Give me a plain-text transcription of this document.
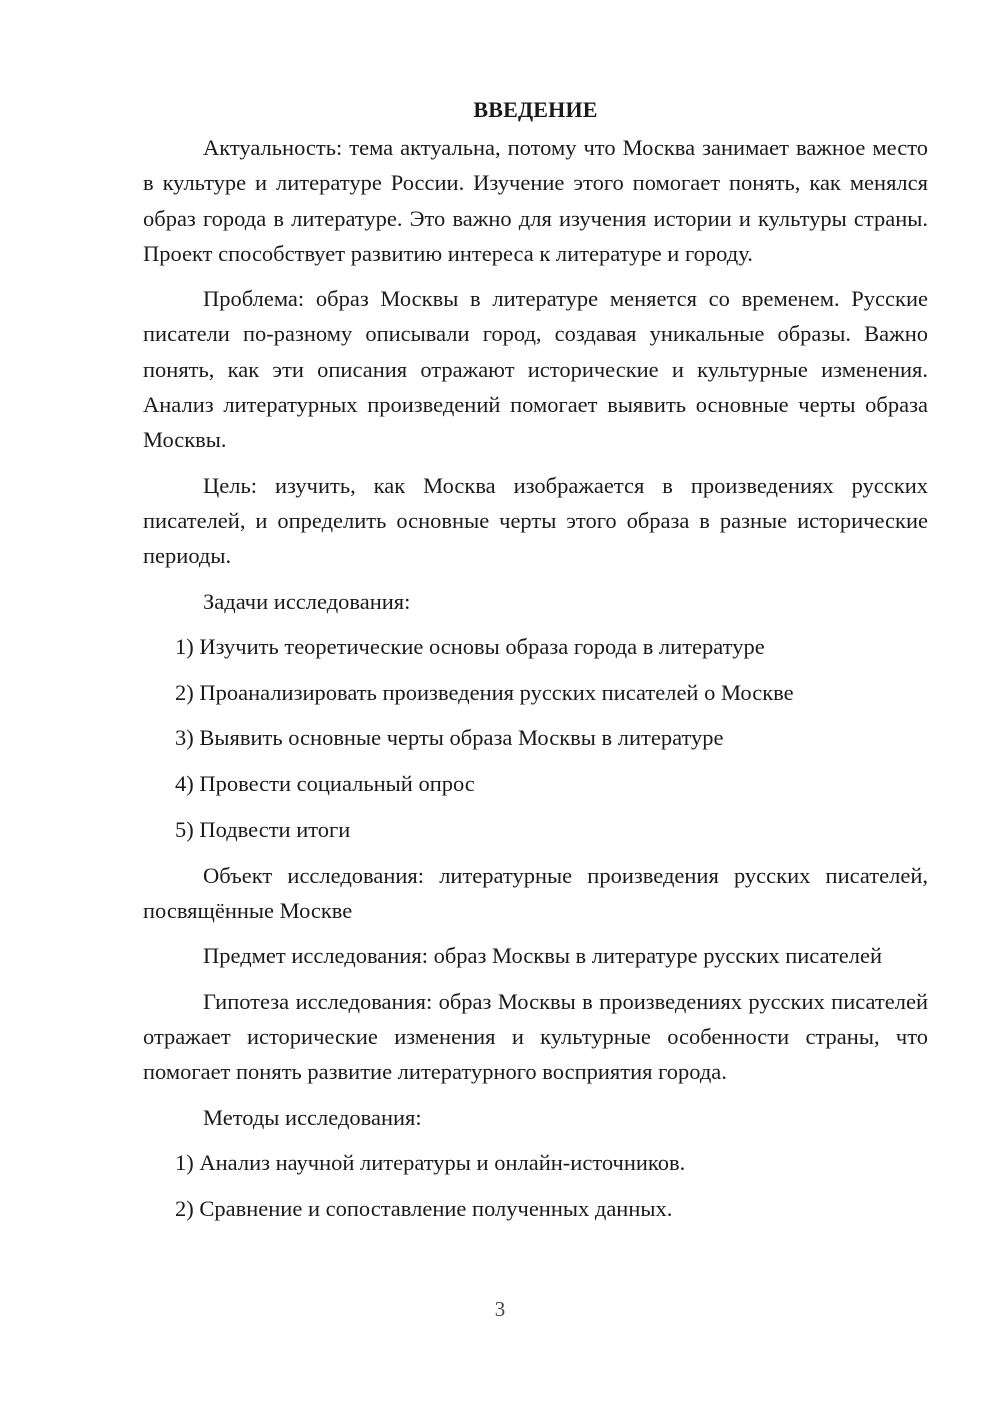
ВВЕДЕНИЕ

Актуальность: тема актуальна, потому что Москва занимает важное место в культуре и литературе России. Изучение этого помогает понять, как менялся образ города в литературе. Это важно для изучения истории и культуры страны. Проект способствует развитию интереса к литературе и городу.

Проблема: образ Москвы в литературе меняется со временем. Русские писатели по-разному описывали город, создавая уникальные образы. Важно понять, как эти описания отражают исторические и культурные изменения. Анализ литературных произведений помогает выявить основные черты образа Москвы.

Цель: изучить, как Москва изображается в произведениях русских писателей, и определить основные черты этого образа в разные исторические периоды.

Задачи исследования:

1) Изучить теоретические основы образа города в литературе
2) Проанализировать произведения русских писателей о Москве
3) Выявить основные черты образа Москвы в литературе
4) Провести социальный опрос
5) Подвести итоги

Объект исследования: литературные произведения русских писателей, посвящённые Москве

Предмет исследования: образ Москвы в литературе русских писателей

Гипотеза исследования: образ Москвы в произведениях русских писателей отражает исторические изменения и культурные особенности страны, что помогает понять развитие литературного восприятия города.

Методы исследования:

1) Анализ научной литературы и онлайн-источников.
2) Сравнение и сопоставление полученных данных.
3
